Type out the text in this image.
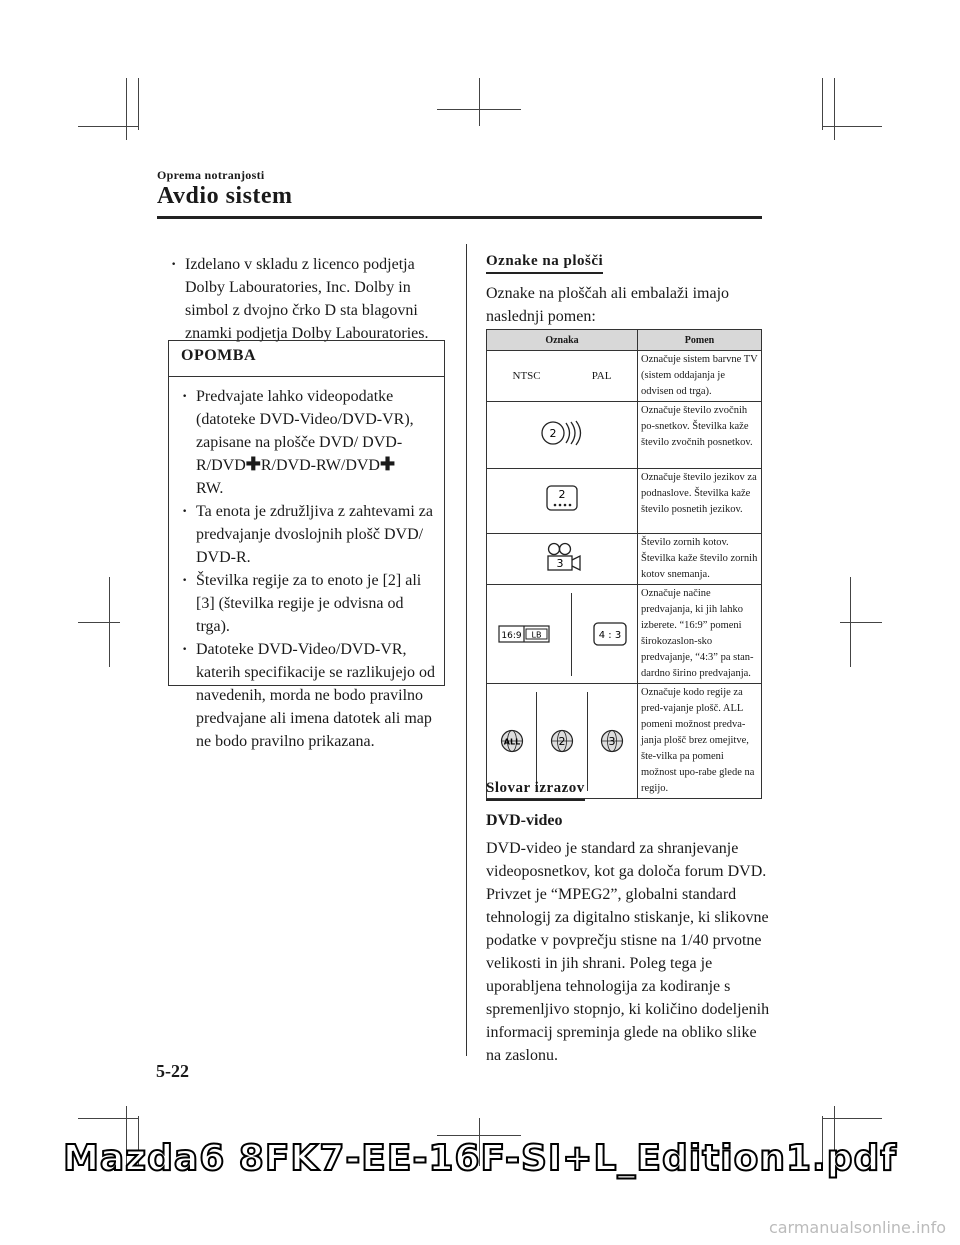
Oprema notranjosti
Avdio sistem
· Izdelano v skladu z licenco podjetja Dolby Labouratories, Inc. Dolby in simbol z dvojno črko D sta blagovni znamki podjetja Dolby Labouratories.
OPOMBA
· Predvajate lahko videopodatke (datoteke DVD-Video/DVD-VR), zapisane na plošče DVD/ DVD-R/DVD✚R/DVD-RW/DVD✚
RW.
· Ta enota je združljiva z zahtevami za predvajanje dvoslojnih plošč DVD/ DVD-R.
· Številka regije za to enoto je [2] ali [3] (številka regije je odvisna od trga).
· Datoteke DVD-Video/DVD-VR, katerih specifikacije se razlikujejo od navedenih, morda ne bodo pravilno predvajane ali imena datotek ali map ne bodo pravilno prikazana.
Oznake na plošči
Oznake na ploščah ali embalaži imajo naslednji pomen:
Oznaka	Pomen

NTSC PAL	Označuje sistem barvne TV (sistem oddajanja je odvisen od trga).

2	Označuje število zvočnih po-snetkov. Številka kaže število zvočnih posnetkov.

2	Označuje število jezikov za podnaslove. Številka kaže število posnetih jezikov.

3	Število zornih kotov. Številka kaže število zornih kotov snemanja.

16:9 LB 4 : 3	Označuje načine predvajanja, ki jih lahko izberete. “16:9” pomeni širokozaslon-sko predvajanje, “4:3” pa stan-dardno širino predvajanja.

ALL 2 3	Označuje kodo regije za pred-vajanje plošč. ALL pomeni možnost predva-janja plošč brez omejitve, šte-vilka pa pomeni možnost upo-rabe glede na regijo.
Slovar izrazov
DVD-video
DVD-video je standard za shranjevanje videoposnetkov, kot ga določa forum DVD. Privzet je “MPEG2”, globalni standard tehnologij za digitalno stiskanje, ki slikovne podatke v povprečju stisne na 1/40 prvotne velikosti in jih shrani. Poleg tega je uporabljena tehnologija za kodiranje s spremenljivo stopnjo, ki količino dodeljenih informacij spreminja glede na obliko slike na zaslonu.
5-22
Mazda6 8FK7-EE-16F-SI+L_Edition1.pdf
carmanualsonline.info
